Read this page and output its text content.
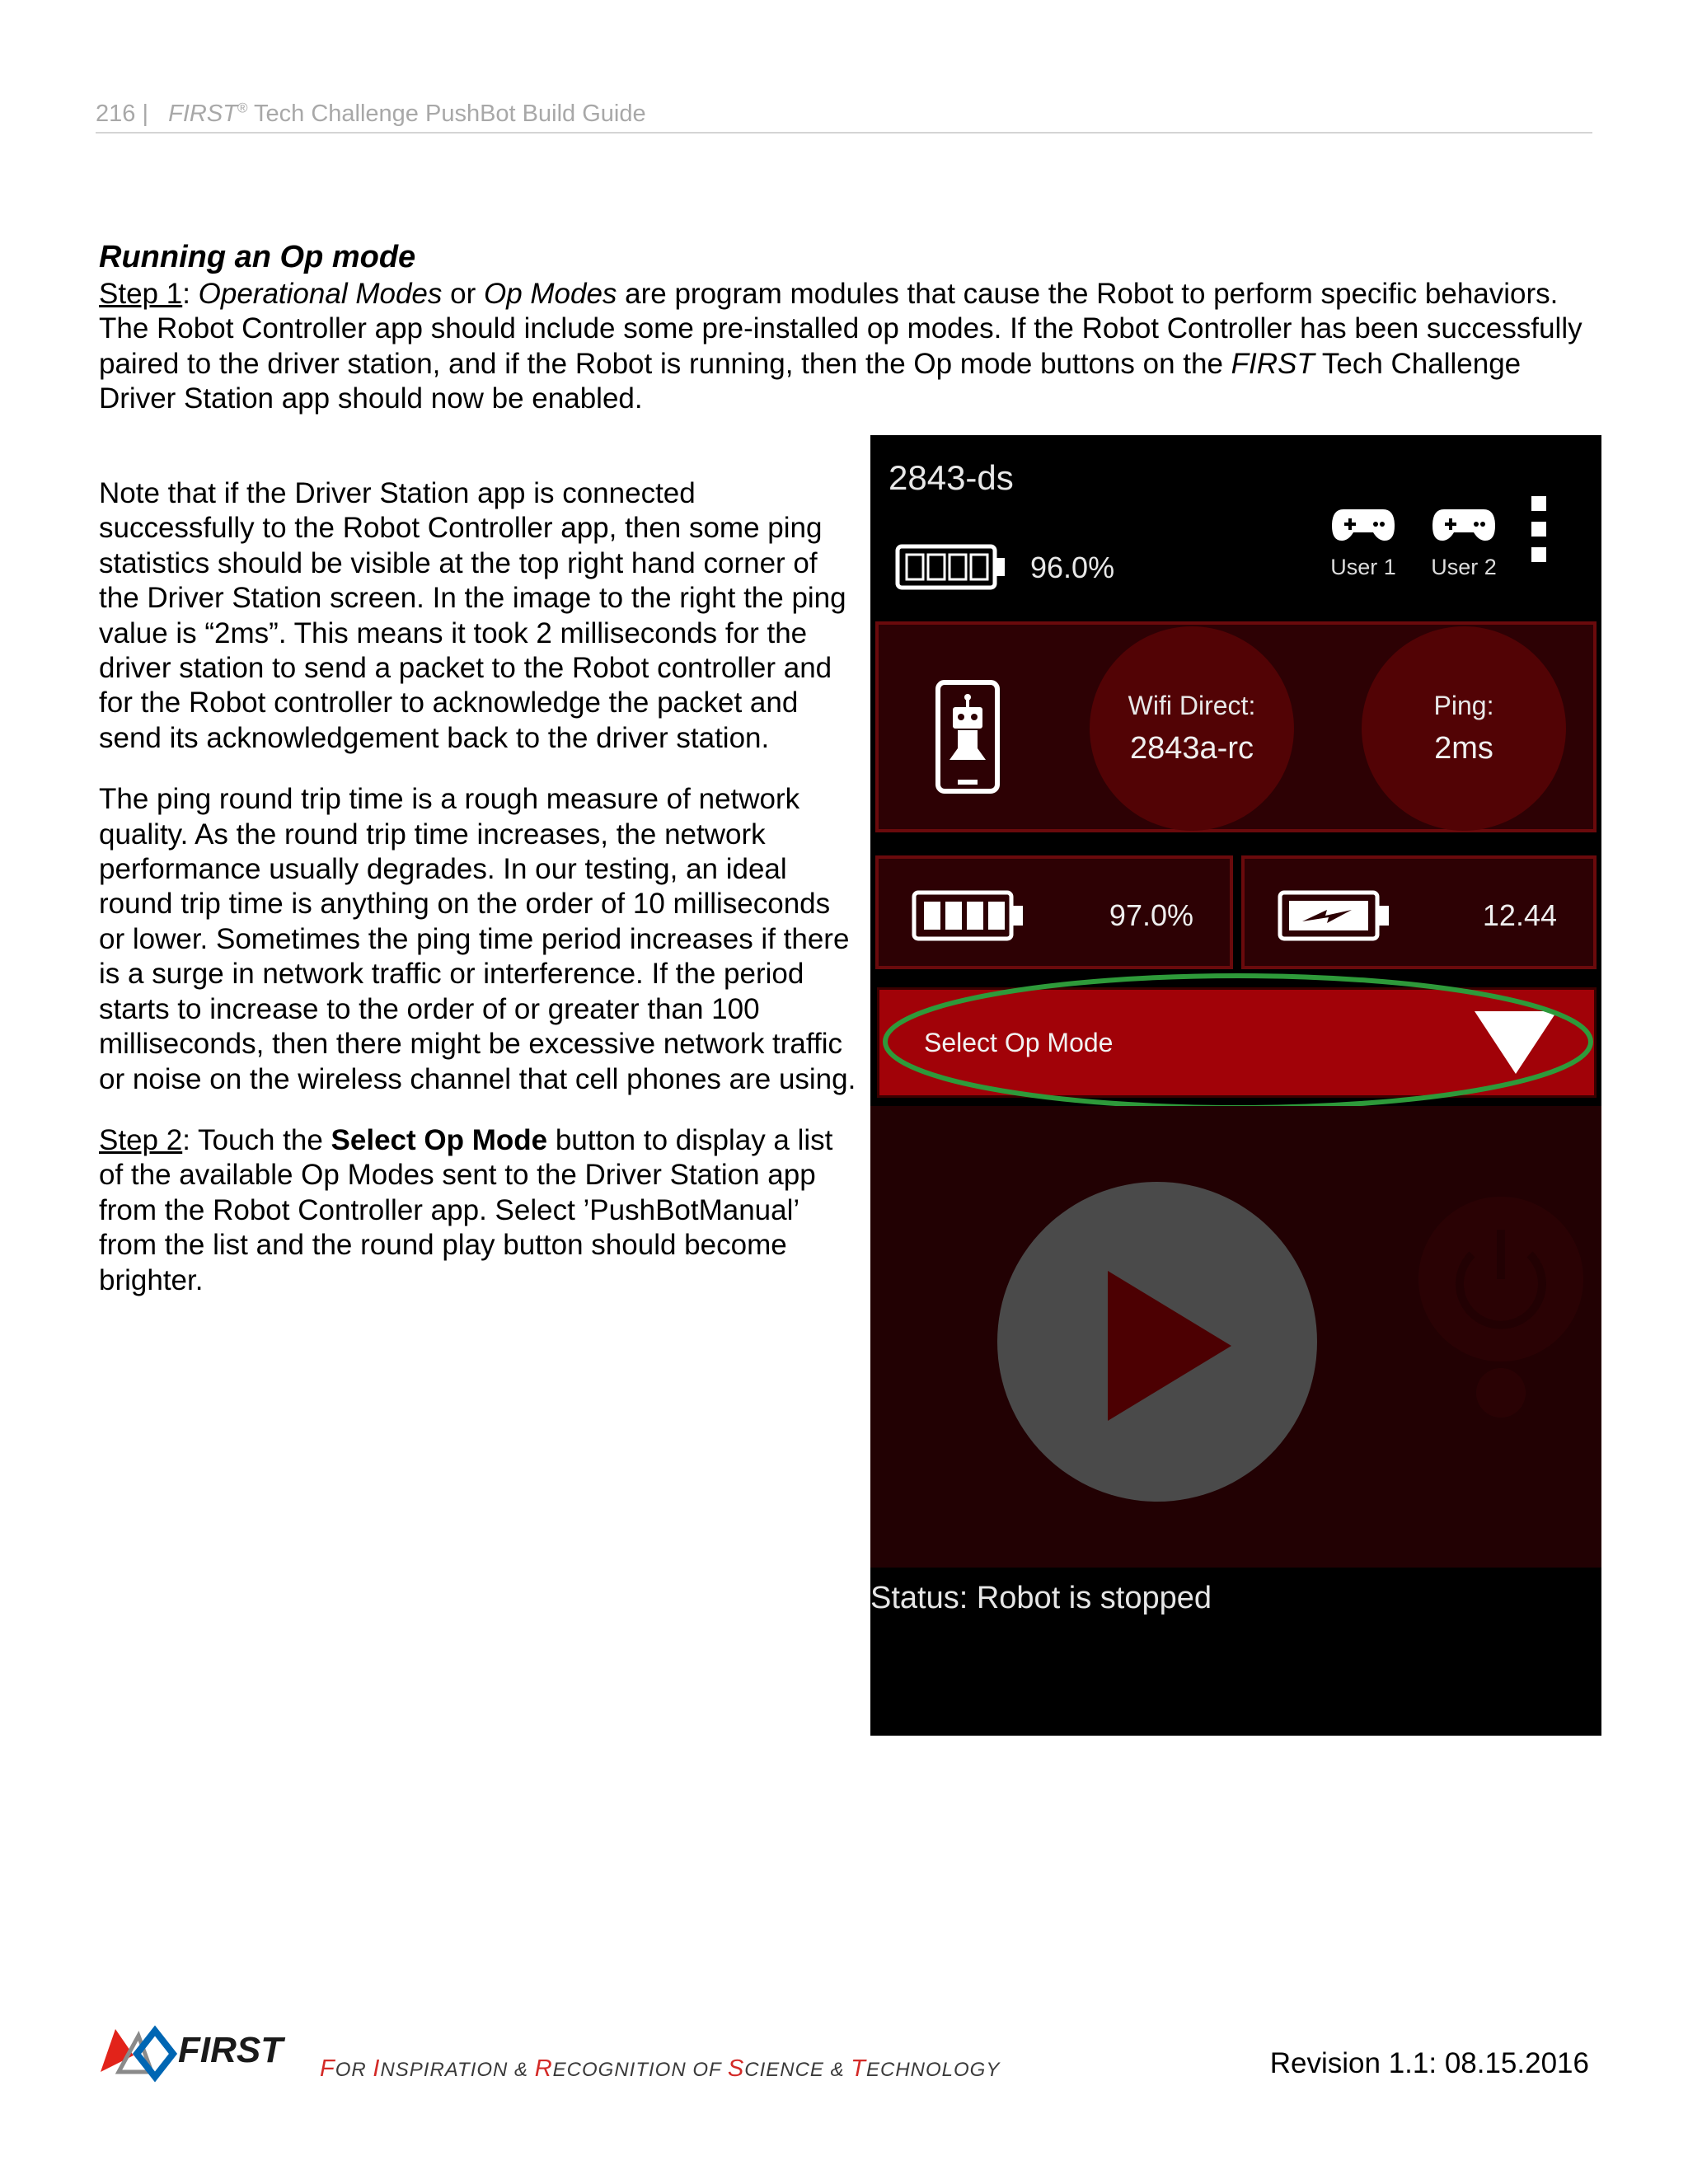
216 | FIRST® Tech Challenge PushBot Build Guide
Running an Op mode

Step 1: Operational Modes or Op Modes are program modules that cause the Robot to perform specific behaviors. The Robot Controller app should include some pre-installed op modes. If the Robot Controller has been successfully paired to the driver station, and if the Robot is running, then the Op mode buttons on the FIRST Tech Challenge Driver Station app should now be enabled.

Note that if the Driver Station app is connected successfully to the Robot Controller app, then some ping statistics should be visible at the top right hand corner of the Driver Station screen. In the image to the right the ping value is “2ms”. This means it took 2 milliseconds for the driver station to send a packet to the Robot controller and for the Robot controller to acknowledge the packet and send its acknowledgement back to the driver station.

The ping round trip time is a rough measure of network quality. As the round trip time increases, the network performance usually degrades. In our testing, an ideal round trip time is anything on the order of 10 milliseconds or lower. Sometimes the ping time period increases if there is a surge in network traffic or interference. If the period starts to increase to the order of or greater than 100 milliseconds, then there might be excessive network traffic or noise on the wireless channel that cell phones are using.

Step 2: Touch the Select Op Mode button to display a list of the available Op Modes sent to the Driver Station app from the Robot Controller app. Select ’PushBotManual’ from the list and the round play button should become brighter.

2843-ds
96.0%	User 1	User 2
Wifi Direct:
2843a-rc
Ping:
2ms
97.0%	12.44
Select Op Mode
Status: Robot is stopped
FIRST FOR INSPIRATION & RECOGNITION OF SCIENCE & TECHNOLOGY	Revision 1.1: 08.15.2016
